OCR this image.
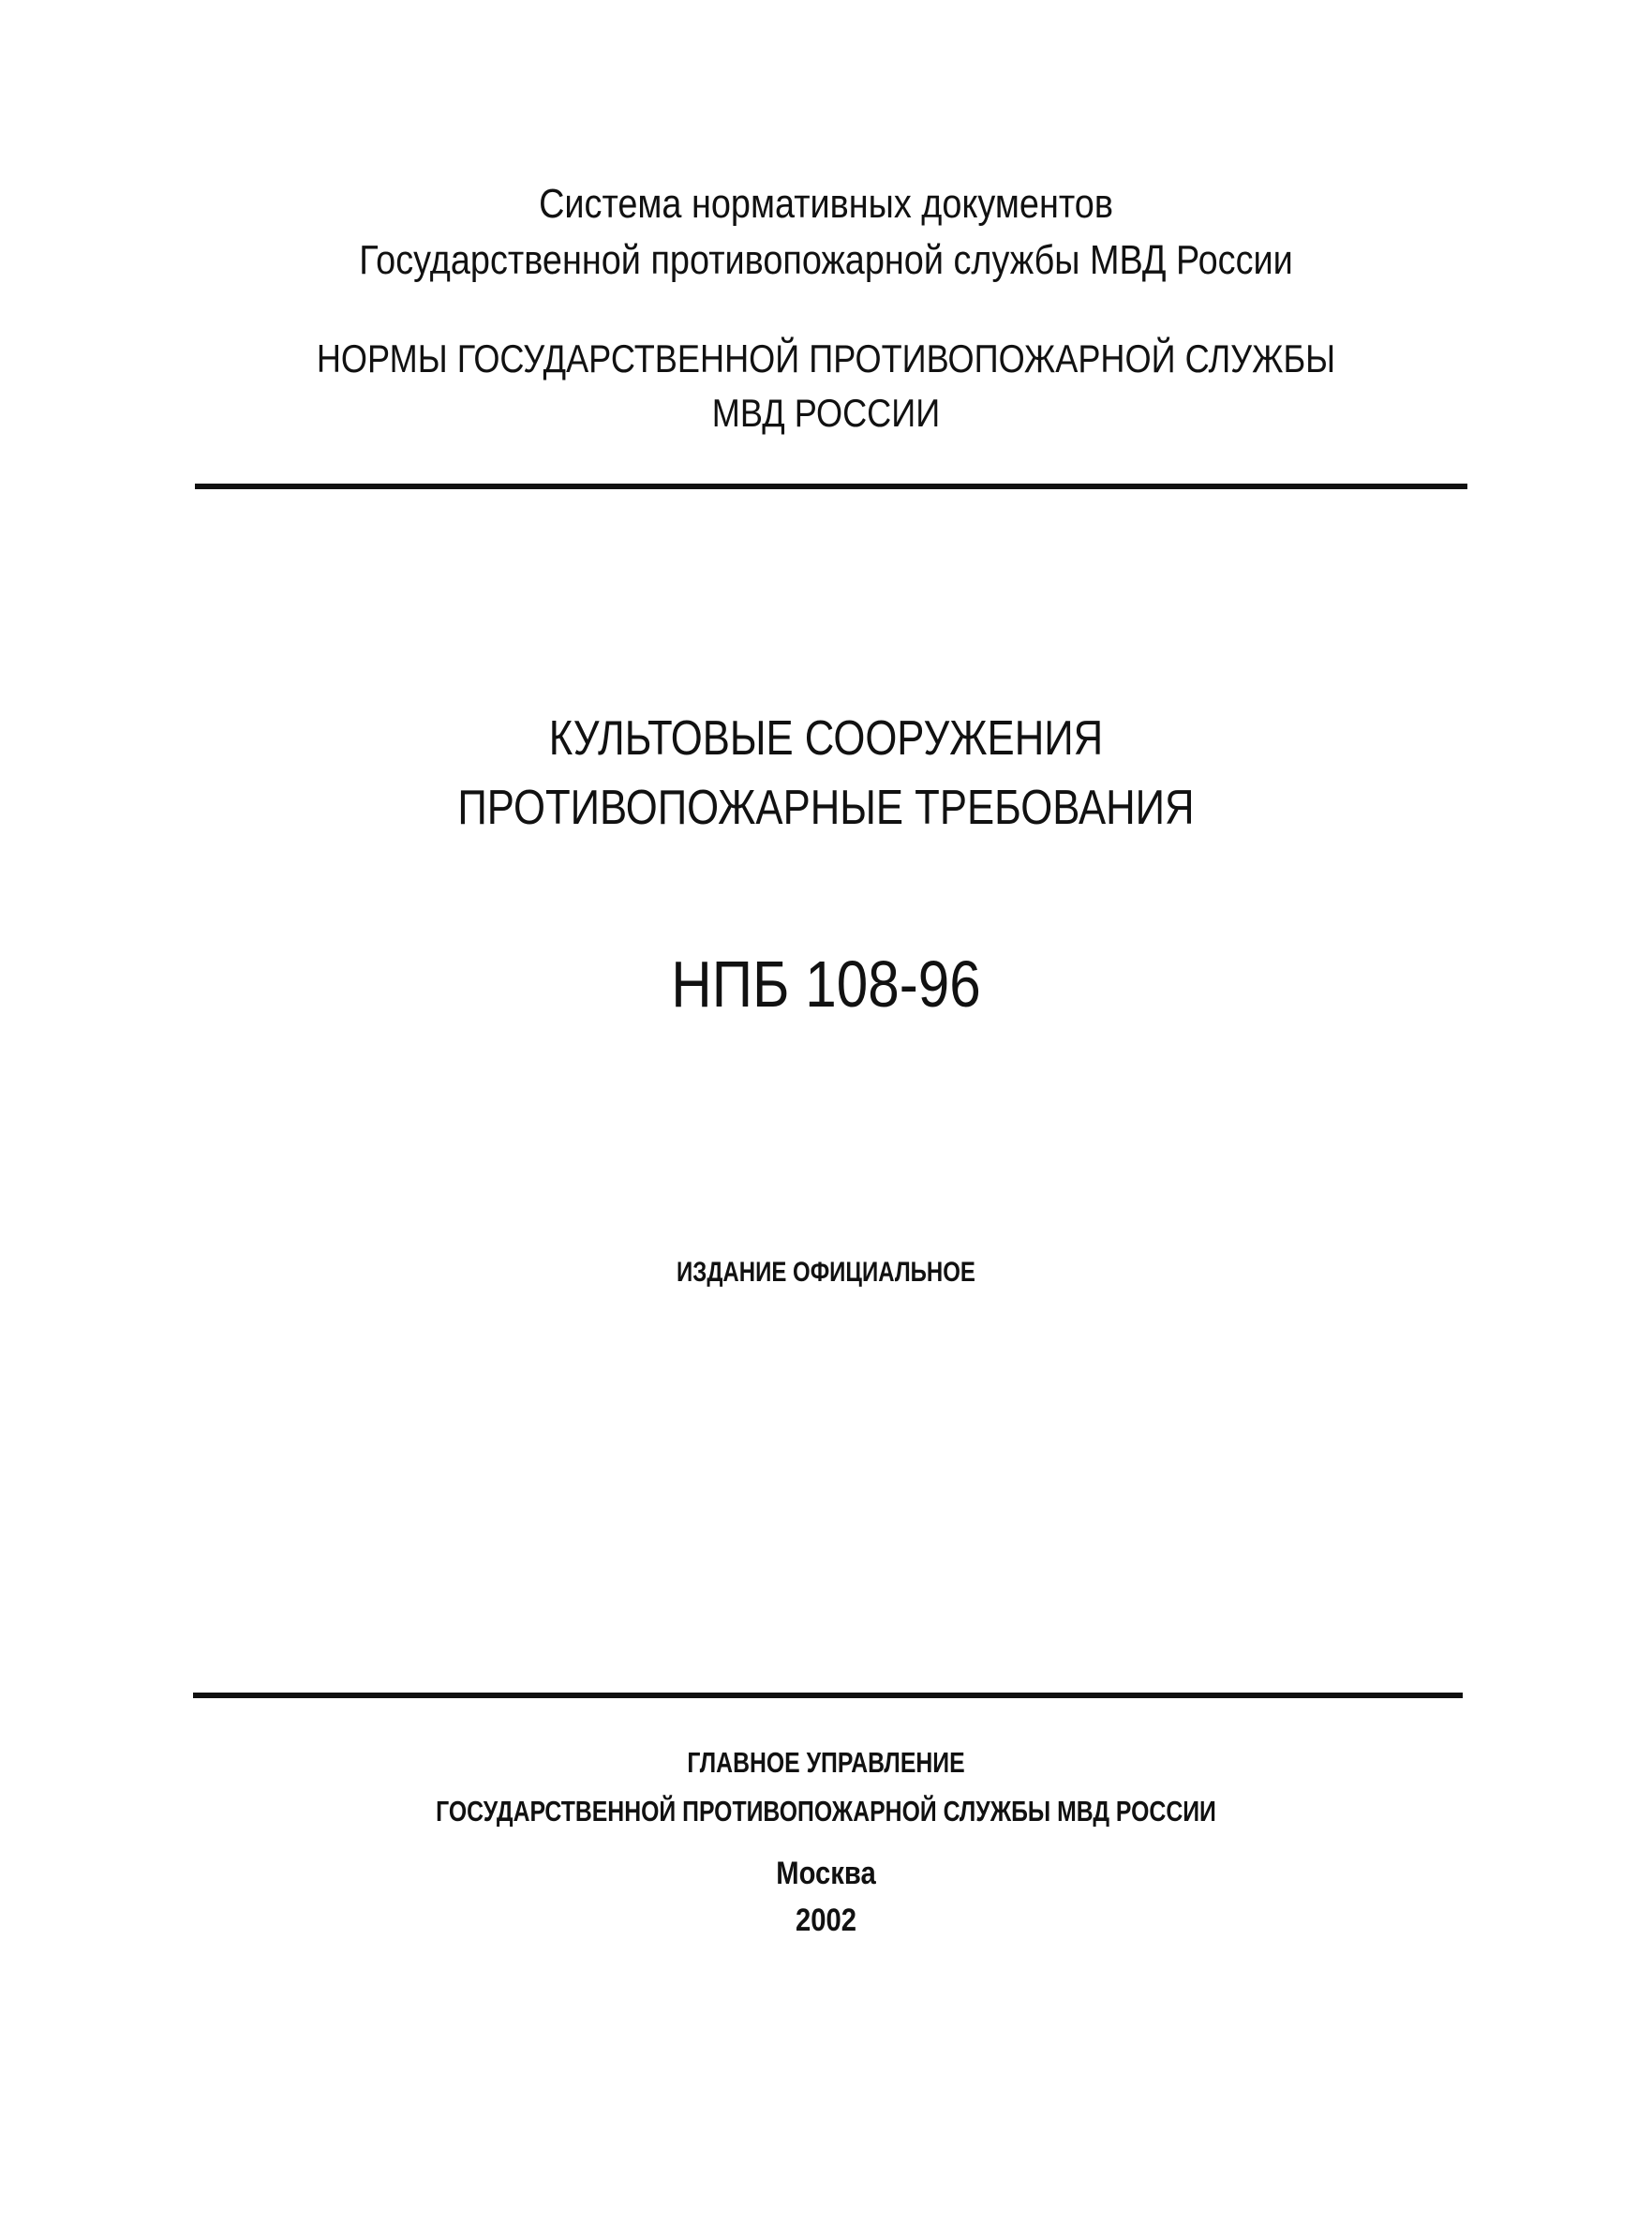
Система нормативных документов
Государственной противопожарной службы МВД России
НОРМЫ ГОСУДАРСТВЕННОЙ ПРОТИВОПОЖАРНОЙ СЛУЖБЫ
МВД РОССИИ
КУЛЬТОВЫЕ СООРУЖЕНИЯ
ПРОТИВОПОЖАРНЫЕ ТРЕБОВАНИЯ
НПБ 108-96
ИЗДАНИЕ ОФИЦИАЛЬНОЕ
ГЛАВНОЕ УПРАВЛЕНИЕ
ГОСУДАРСТВЕННОЙ ПРОТИВОПОЖАРНОЙ СЛУЖБЫ МВД РОССИИ
Москва
2002
